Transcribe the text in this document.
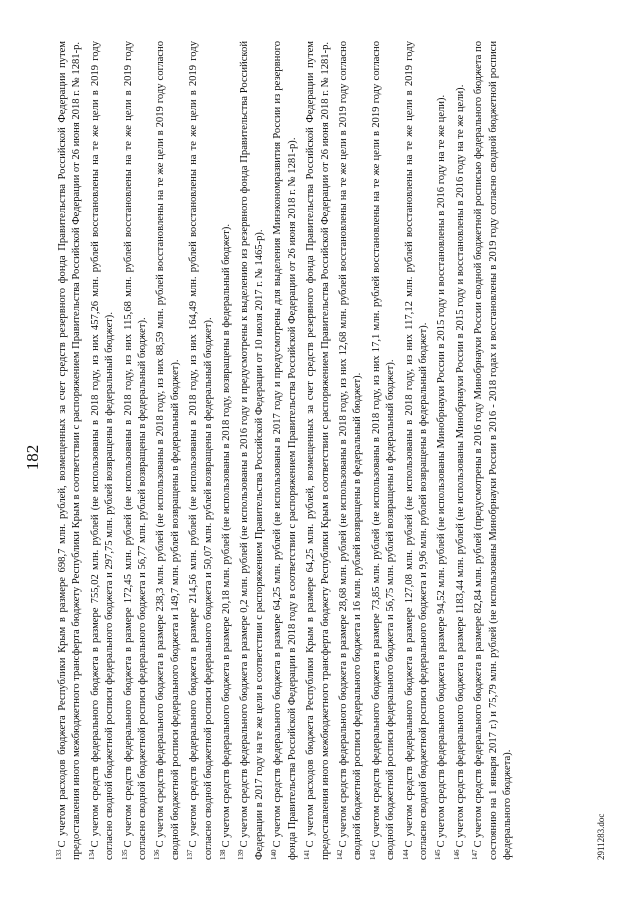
182

$^{133}$С учетом расходов бюджета Республики Крым в размере 698,7 млн. рублей, возмещенных за счет средств резервного фонда Правительства Российской Федерации путем предоставления иного межбюджетного трансферта бюджету Республики Крым в соответствии с распоряжением Правительства Российской Федерации от 26 июня 2018 г. № 1281-р. $^{134}$С учетом средств федерального бюджета в размере 755,02 млн. рублей (не использованы в 2018 году, из них 457,26 млн. рублей восстановлены на те же цели в 2019 году согласно сводной бюджетной росписи федерального бюджета и 297,75 млн. рублей возвращены в федеральный бюджет). $^{135}$С учетом средств федерального бюджета в размере 172,45 млн. рублей (не использованы в 2018 году, из них 115,68 млн. рублей восстановлены на те же цели в 2019 году согласно сводной бюджетной росписи федерального бюджета и 56,77 млн. рублей возвращены в федеральный бюджет). $^{136}$С учетом средств федерального бюджета в размере 238,3 млн. рублей (не использованы в 2018 году, из них 88,59 млн. рублей восстановлены на те же цели в 2019 году согласно сводной бюджетной росписи федерального бюджета и 149,7 млн. рублей возвращены в федеральный бюджет). $^{137}$С учетом средств федерального бюджета в размере 214,56 млн. рублей (не использованы в 2018 году, из них 164,49 млн. рублей восстановлены на те же цели в 2019 году согласно сводной бюджетной росписи федерального бюджета и 50,07 млн. рублей возвращены в федеральный бюджет). $^{138}$С учетом средств федерального бюджета в размере 20,18 млн. рублей (не использованы в 2018 году, возвращены в федеральный бюджет).

$^{139}$С учетом средств федерального бюджета в размере 0,2 млн. рублей (не использованы в 2016 году и предусмотрены к выделению из резервного фонда Правительства Российской Федерации в 2017 году на те же цели в соответствии с распоряжением Правительства Российской Федерации от 10 июля 2017 г. № 1465-р). $^{140}$С учетом средств федерального бюджета в размере 64,25 млн. рублей (не использованы в 2017 году и предусмотрены для выделения Минэкономразвития России из резервного фонда Правительства Российской Федерации в 2018 году в соответствии с распоряжением Правительства Российской Федерации от 26 июня 2018 г. № 1281-р). $^{141}$С учетом расходов бюджета Республики Крым в размере 64,25 млн. рублей, возмещенных за счет средств резервного фонда Правительства Российской Федерации путем предоставления иного межбюджетного трансферта бюджету Республики Крым в соответствии с распоряжением Правительства Российской Федерации от 26 июня 2018 г. № 1281-р. $^{142}$С учетом средств федерального бюджета в размере 28,68 млн. рублей (не использованы в 2018 году, из них 12,68 млн. рублей восстановлены на те же цели в 2019 году согласно сводной бюджетной росписи федерального бюджета и 16 млн. рублей возвращены в федеральный бюджет). $^{143}$С учетом средств федерального бюджета в размере 73,85 млн. рублей (не использованы в 2018 году, из них 17,1 млн. рублей восстановлены на те же цели в 2019 году согласно сводной бюджетной росписи федерального бюджета и 56,75 млн. рублей возвращены в федеральный бюджет). $^{144}$С учетом средств федерального бюджета в размере 127,08 млн. рублей (не использованы в 2018 году, из них 117,12 млн. рублей восстановлены на те же цели в 2019 году согласно сводной бюджетной росписи федерального бюджета и 9,96 млн. рублей возвращены в федеральный бюджет). $^{145}$С учетом средств федерального бюджета в размере 94,52 млн. рублей (не использованы Минобрнауки России в 2015 году и восстановлены в 2016 году на те же цели).

$^{146}$С учетом средств федерального бюджета в размере 1183,44 млн. рублей (не использованы Минобрнауки России в 2015 году и восстановлены в 2016 году на те же цели).

$^{147}$С учетом средств федерального бюджета в размере 82,84 млн. рублей (предусмотрены в 2016 году Минобрнауки России сводной бюджетной росписью федерального бюджета по состоянию на 1 января 2017 г.) и 75,79 млн. рублей (не использованы Минобрнауки России в 2016 - 2018 годах и восстановлены в 2019 году согласно сводной бюджетной росписи федерального бюджета).	2911283.doc
